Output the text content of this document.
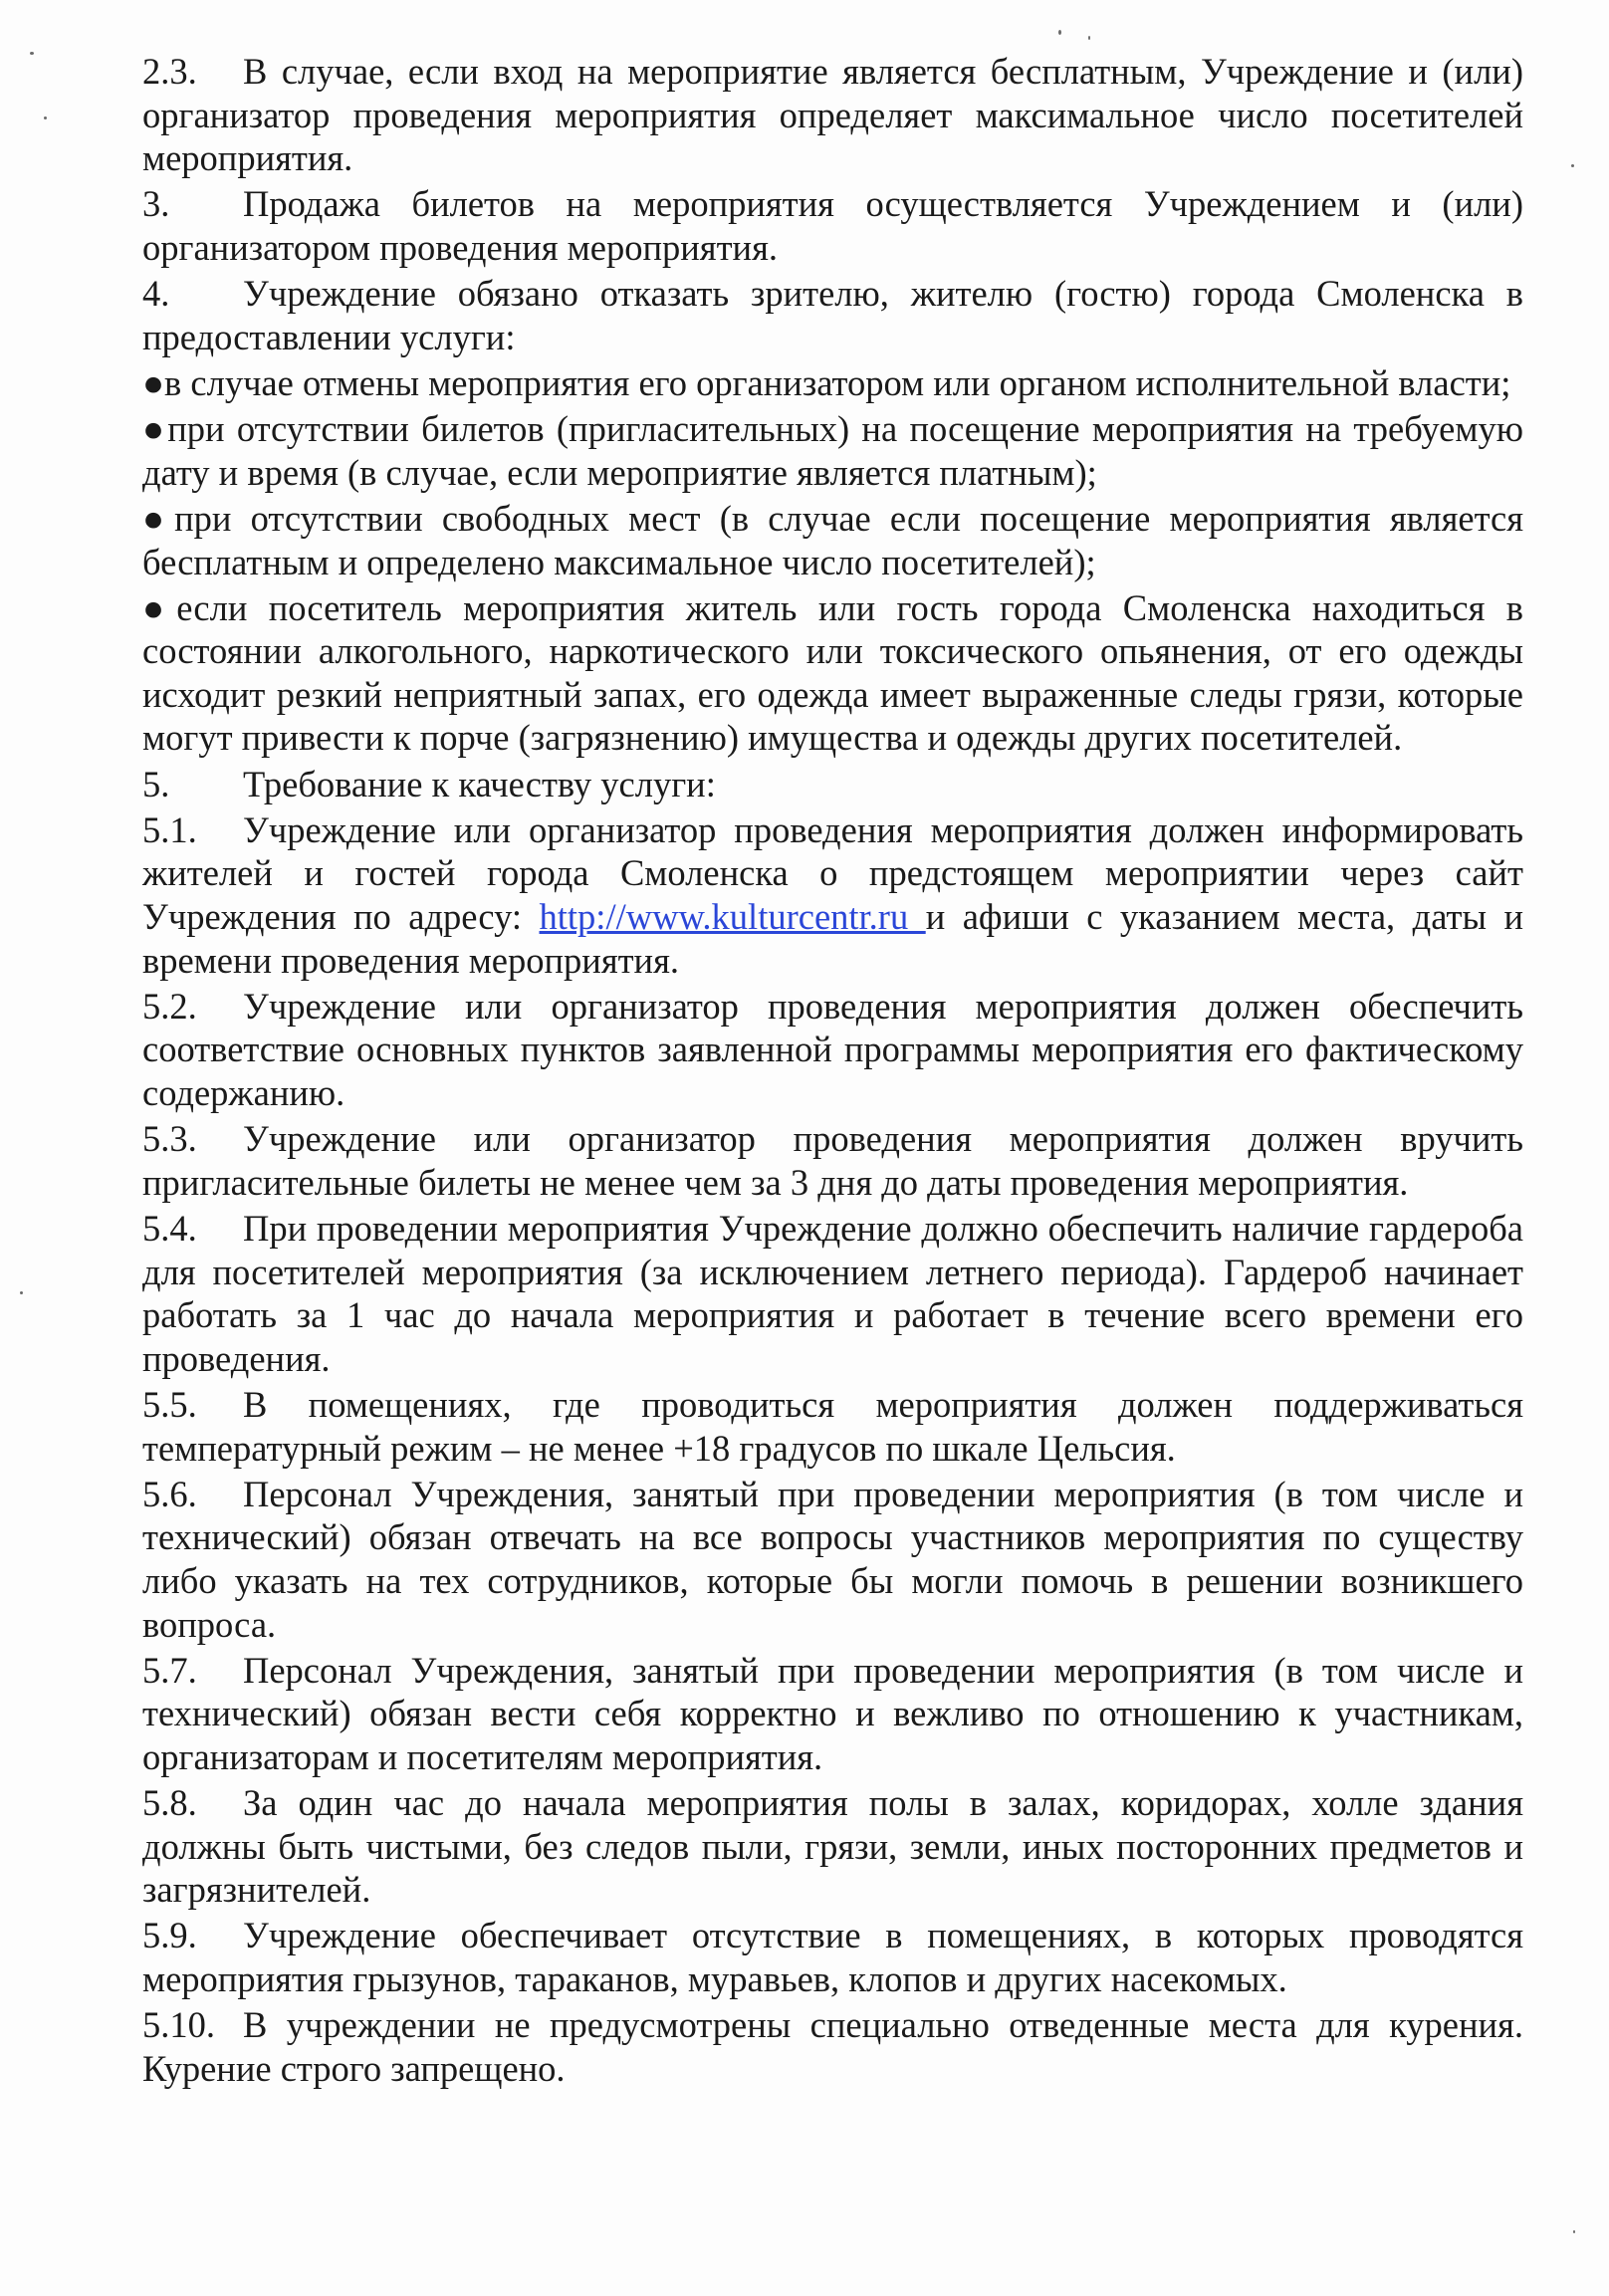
2.3. В случае, если вход на мероприятие является бесплатным, Учреждение и (или) организатор проведения мероприятия определяет максимальное число посетителей мероприятия.
3. Продажа билетов на мероприятия осуществляется Учреждением и (или) организатором проведения мероприятия.
4. Учреждение обязано отказать зрителю, жителю (гостю) города Смоленска в предоставлении услуги:
●в случае отмены мероприятия его организатором или органом исполнительной власти;
●при отсутствии билетов (пригласительных) на посещение мероприятия на требуемую дату и время (в случае, если мероприятие является платным);
●при отсутствии свободных мест (в случае если посещение мероприятия является бесплатным и определено максимальное число посетителей);
●если посетитель мероприятия житель или гость города Смоленска находиться в состоянии алкогольного, наркотического или токсического опьянения, от его одежды исходит резкий неприятный запах, его одежда имеет выраженные следы грязи, которые могут привести к порче (загрязнению) имущества и одежды других посетителей.
5. Требование к качеству услуги:
5.1. Учреждение или организатор проведения мероприятия должен информировать жителей и гостей города Смоленска о предстоящем мероприятии через сайт Учреждения по адресу: http://www.kulturcentr.ru и афиши с указанием места, даты и времени проведения мероприятия.
5.2. Учреждение или организатор проведения мероприятия должен обеспечить соответствие основных пунктов заявленной программы мероприятия его фактическому содержанию.
5.3. Учреждение или организатор проведения мероприятия должен вручить пригласительные билеты не менее чем за 3 дня до даты проведения мероприятия.
5.4. При проведении мероприятия Учреждение должно обеспечить наличие гардероба для посетителей мероприятия (за исключением летнего периода). Гардероб начинает работать за 1 час до начала мероприятия и работает в течение всего времени его проведения.
5.5. В помещениях, где проводиться мероприятия должен поддерживаться температурный режим – не менее +18 градусов по шкале Цельсия.
5.6. Персонал Учреждения, занятый при проведении мероприятия (в том числе и технический) обязан отвечать на все вопросы участников мероприятия по существу либо указать на тех сотрудников, которые бы могли помочь в решении возникшего вопроса.
5.7. Персонал Учреждения, занятый при проведении мероприятия (в том числе и технический) обязан вести себя корректно и вежливо по отношению к участникам, организаторам и посетителям мероприятия.
5.8. За один час до начала мероприятия полы в залах, коридорах, холле здания должны быть чистыми, без следов пыли, грязи, земли, иных посторонних предметов и загрязнителей.
5.9. Учреждение обеспечивает отсутствие в помещениях, в которых проводятся мероприятия грызунов, тараканов, муравьев, клопов и других насекомых.
5.10. В учреждении не предусмотрены специально отведенные места для курения. Курение строго запрещено.
